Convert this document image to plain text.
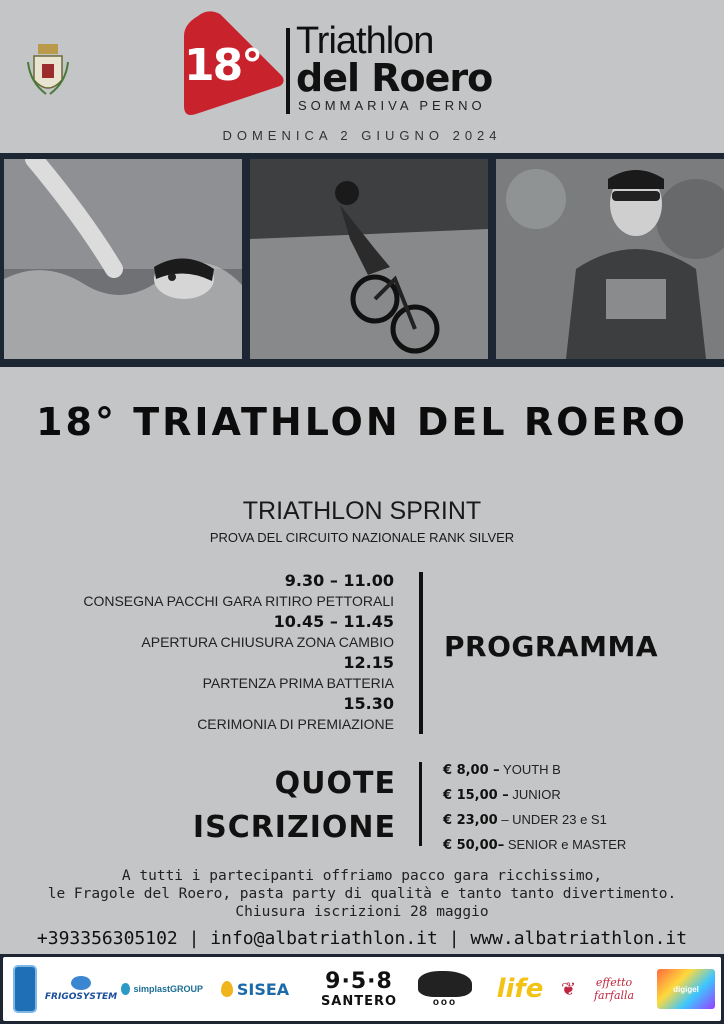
18° Triathlon
del Roero
SOMMARIVA PERNO
DOMENICA 2 GIUGNO 2024
18° TRIATHLON DEL ROERO
TRIATHLON SPRINT
PROVA DEL CIRCUITO NAZIONALE RANK SILVER
9.30 – 11.00
CONSEGNA PACCHI GARA RITIRO PETTORALI
10.45 – 11.45
APERTURA CHIUSURA ZONA CAMBIO
12.15
PARTENZA PRIMA BATTERIA
15.30
CERIMONIA DI PREMIAZIONE
PROGRAMMA
QUOTE
ISCRIZIONE
€ 8,00 – YOUTH B
€ 15,00 – JUNIOR
€ 23,00 – UNDER 23 e S1
€ 50,00– SENIOR e MASTER
A tutti i partecipanti offriamo pacco gara ricchissimo,
le Fragole del Roero, pasta party di qualità e tanto tanto divertimento.
Chiusura iscrizioni 28 maggio
+393356305102 | info@albatriathlon.it | www.albatriathlon.it
FRIGOSYSTEM
simplastGROUP SISEA 9·5·8
SANTERO	ooo life ❦	effetto farfalla	digigel
